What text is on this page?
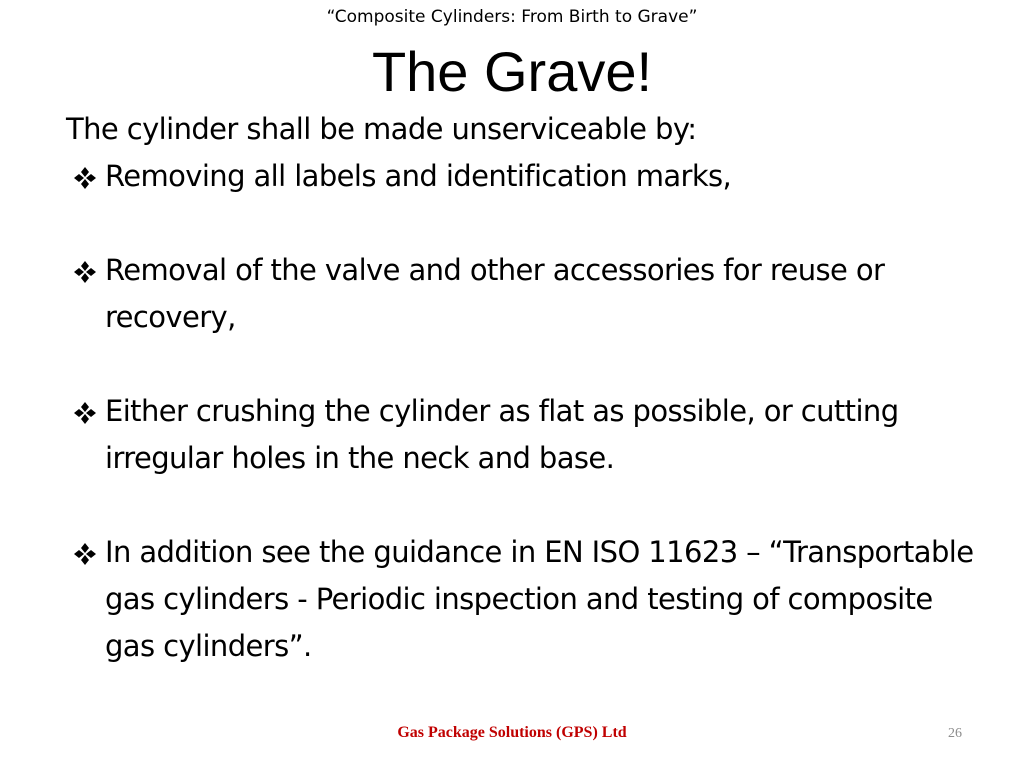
“Composite Cylinders: From Birth to Grave”
The Grave!

The cylinder shall be made unserviceable by:

Removing all labels and identification marks,
Removal of the valve and other accessories for reuse or recovery,
Either crushing the cylinder as flat as possible, or cutting irregular holes in the neck and base.
In addition see the guidance in EN ISO 11623 – “Transportable gas cylinders - Periodic inspection and testing of composite gas cylinders”.
Gas Package Solutions (GPS) Ltd	26
